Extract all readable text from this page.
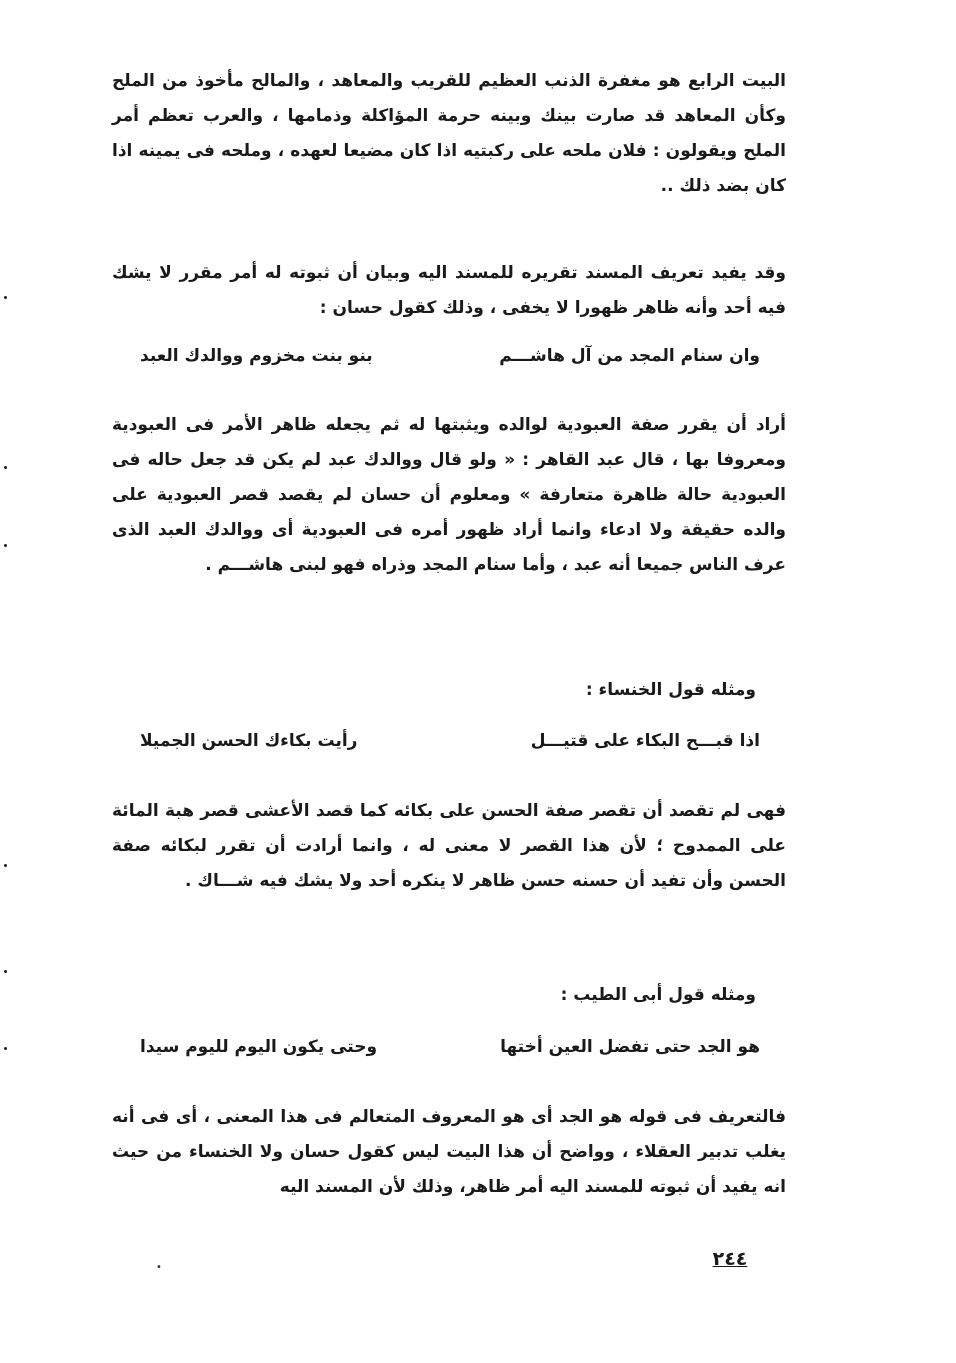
البيت الرابع هو مغفرة الذنب العظيم للقريب والمعاهد ، والمالح مأخوذ من الملح وكأن المعاهد قد صارت بينك وبينه حرمة المؤاكلة وذمامها ، والعرب تعظم أمر الملح ويقولون : فلان ملحه على ركبتيه اذا كان مضيعا لعهده ، وملحه فى يمينه اذا كان بضد ذلك ..

وقد يفيد تعريف المسند تقريره للمسند اليه وبيان أن ثبوته له أمر مقرر لا يشك فيه أحد وأنه ظاهر ظهورا لا يخفى ، وذلك كقول حسان :

وان سنام المجد من آل هاشـــم
بنو بنت مخزوم ووالدك العبد

أراد أن يقرر صفة العبودية لوالده ويثبتها له ثم يجعله ظاهر الأمر فى العبودية ومعروفا بها ، قال عبد القاهر : « ولو قال ووالدك عبد لم يكن قد جعل حاله فى العبودية حالة ظاهرة متعارفة » ومعلوم أن حسان لم يقصد قصر العبودية على والده حقيقة ولا ادعاء وانما أراد ظهور أمره فى العبودية أى ووالدك العبد الذى عرف الناس جميعا أنه عبد ، وأما سنام المجد وذراه فهو لبنى هاشـــم .

ومثله قول الخنساء :
اذا قبـــح البكاء على قتيـــل
رأيت بكاءك الحسن الجميلا

فهى لم تقصد أن تقصر صفة الحسن على بكائه كما قصد الأعشى قصر هبة المائة على الممدوح ؛ لأن هذا القصر لا معنى له ، وانما أرادت أن تقرر لبكائه صفة الحسن وأن تفيد أن حسنه حسن ظاهر لا ينكره أحد ولا يشك فيه شـــاك .

ومثله قول أبى الطيب :
هو الجد حتى تفضل العين أختها
وحتى يكون اليوم لليوم سيدا

فالتعريف فى قوله هو الجد أى هو المعروف المتعالم فى هذا المعنى ، أى فى أنه يغلب تدبير العقلاء ، وواضح أن هذا البيت ليس كقول حسان ولا الخنساء من حيث انه يفيد أن ثبوته للمسند اليه أمر ظاهر، وذلك لأن المسند اليه

٢٤٤
•
